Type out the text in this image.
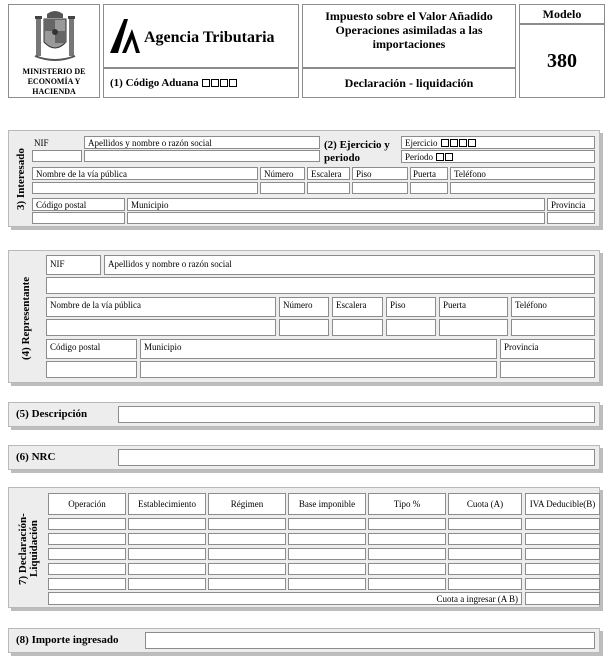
MINISTERIO DE ECONOMÍA Y HACIENDA
Agencia Tributaria
(1) Código Aduana
Impuesto sobre el Valor Añadido Operaciones asimiladas a las importaciones
Declaración - liquidación
Modelo
380
3) Interesado
NIF	Apellidos y nombre o razón social	(2) Ejercicio y periodo
Ejercicio
Período
Nombre de la vía pública	Número Escalera Piso	Puerta Teléfono
Código postal	Municipio	Provincia
(4) Representante
NIF	Apellidos y nombre o razón social
Nombre de la vía pública	Número	Escalera	Piso	Puerta	Teléfono
Código postal	Municipio	Provincia
(5) Descripción
(6) NRC
7) Declaración-Liquidación
Operación	Establecimiento	Régimen	Base imponible	Tipo %	Cuota (A)	IVA Deducible(B)
Cuota a ingresar (A B)
(8) Importe ingresado
